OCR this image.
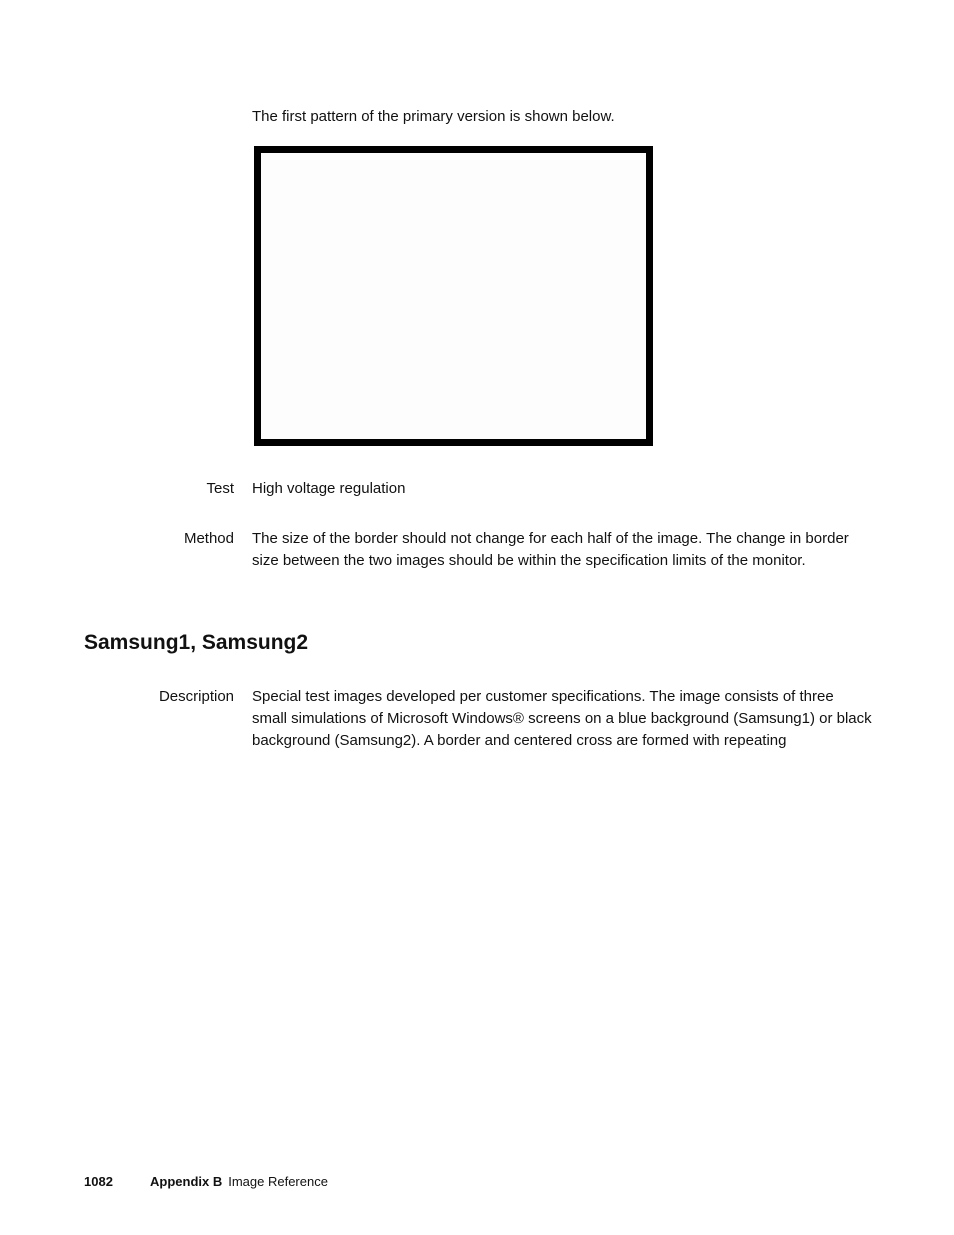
The first pattern of the primary version is shown below.

Test High voltage regulation
Method The size of the border should not change for each half of the image. The change in border size between the two images should be within the specification limits of the monitor.
Samsung1, Samsung2
Description Special test images developed per customer specifications. The image consists of three small simulations of Microsoft Windows® screens on a blue background (Samsung1) or black background (Samsung2). A border and centered cross are formed with repeating
1082	Appendix B Image Reference
